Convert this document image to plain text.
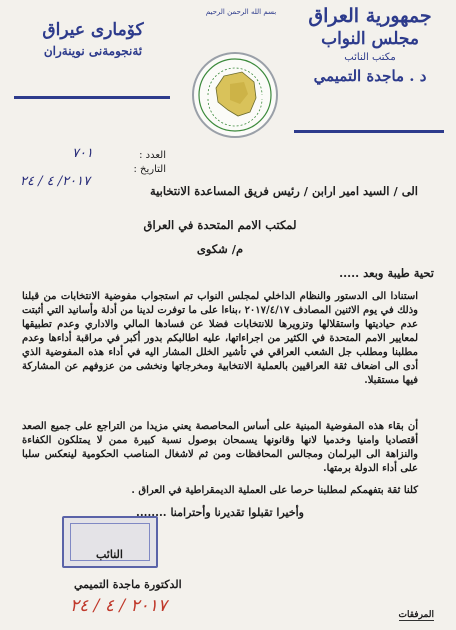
جمهورية العراق
مجلس النواب
مكتب النائب
د . ماجدة التميمي
كۆمارى عيراق
ئةنجومةنى نوينةران
بسم الله الرحمن الرحيم
العدد :
٧٠١
التاريخ :
٢٠١٧/ ٤ / ٢٤
الى / السيد امير ارابن / رئيس فريق المساعدة الانتخابية
لمكتب الامم المتحدة في العراق
م/ شكوى
تحية طيبة وبعد .....

استنادا الى الدستور والنظام الداخلي لمجلس النواب تم استجواب مفوضية الانتخابات من قبلنا وذلك في يوم الاثنين المصادف ٢٠١٧/٤/١٧ ،بناءا على ما توفرت لدينا من أدلة وأسانيد التي أثبتت عدم حياديتها واستقلالها وتزويرها للانتخابات فضلا عن فسادها المالي والاداري وعدم تطبيقها لمعايير الامم المتحدة في الكثير من اجراءاتها، عليه اطالبكم بدور أكبر في مراقبة أداءها وعدم مطلبنا ومطلب جل الشعب العراقي في تأشير الخلل المشار اليه في أداء هذه المفوضية الذي أدى الى اضعاف ثقة العراقيين بالعملية الانتخابية ومخرجاتها ونخشى من عزوفهم عن المشاركة فيها مستقبلا.

أن بقاء هذه المفوضية المبنية على أساس المحاصصة يعني مزيدا من التراجع على جميع الصعد أقتصاديا وامنيا وخدميا لانها وقانونها يسمحان بوصول نسبة كبيرة ممن لا يمتلكون الكفاءة والنزاهة الى البرلمان ومجالس المحافظات ومن ثم لاشغال المناصب الحكومية لينعكس سلبا على أداء الدولة برمتها.

كلنا ثقة بتفهمكم لمطلبنا حرصا على العملية الديمقراطية في العراق .

وأخيرا تقبلوا تقديرنا وأحترامنا ........
النائب
الدكتورة ماجدة التميمي
٢٠١٧ / ٤ / ٢٤	المرفقات
